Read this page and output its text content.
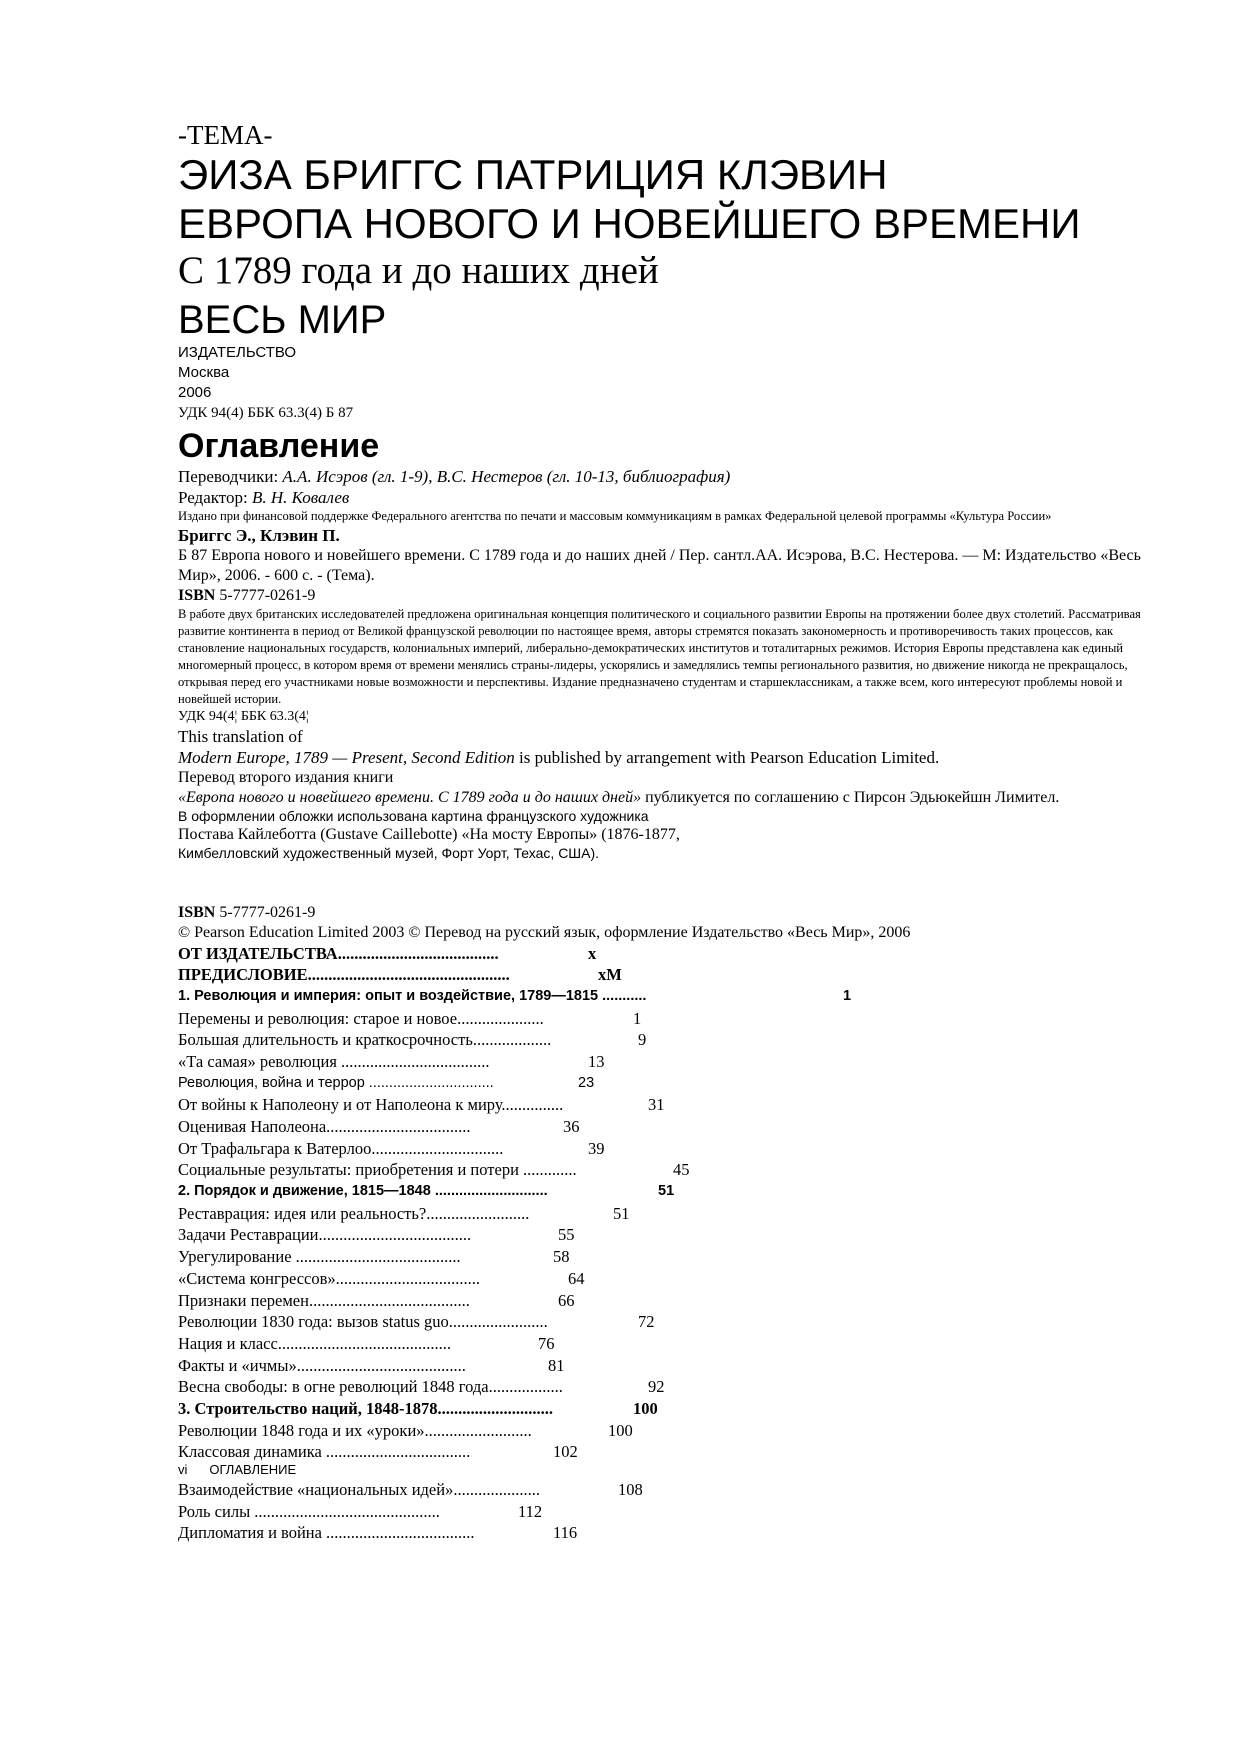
-ТЕМА-
ЭИЗА БРИГГС ПАТРИЦИЯ КЛЭВИН
ЕВРОПА НОВОГО И НОВЕЙШЕГО ВРЕМЕНИ
С 1789 года и до наших дней
ВЕСЬ МИР
ИЗДАТЕЛЬСТВО
Москва
2006
УДК 94(4) ББК 63.3(4) Б 87
Оглавление
Переводчики: А.А. Исэров (гл. 1-9), B.C. Нестеров (гл. 10-13, библиография)
Редактор: В. Н. Ковалев
Издано при финансовой поддержке Федерального агентства по печати и массовым коммуникациям в рамках Федеральной целевой программы «Культура России»
Бриггс Э., Клэвин П.
Б 87 Европа нового и новейшего времени. С 1789 года и до наших дней / Пер. сантл.АА. Исэрова, B.C. Нестерова. — М: Издательство «Весь Мир», 2006. - 600 с. - (Тема).
ISBN 5-7777-0261-9
В работе двух британских исследователей предложена оригинальная концепция политического и социального развитии Европы на протяжении более двух столетий. Рассматривая развитие континента в период от Великой французской революции по настоящее время, авторы стремятся показать закономерность и противоречивость таких процессов, как становление национальных государств, колониальных империй, либерально-демократических институтов и тоталитарных режимов. История Европы представлена как единый многомерный процесс, в котором время от времени менялись страны-лидеры, ускорялись и замедлялись темпы регионального развития, но движение никогда не прекращалось, открывая перед его участниками новые возможности и перспективы. Издание предназначено студентам и старшеклассникам, а также всем, кого интересуют проблемы новой и новейшей истории.
УДК 94(4¦ ББК 63.3(4¦
This translation of
Modern Europe, 1789 — Present, Second Edition is published by arrangement with Pearson Education Limited.
Перевод второго издания книги
«Европа нового и новейшего времени. С 1789 года и до наших дней» публикуется по соглашению с Пирсон Эдьюкейшн Лимител.
В оформлении обложки использована картина французского художника
Постава Кайлеботта (Gustave Caillebotte) «На мосту Европы» (1876-1877,
Кимбелловский художественный музей, Форт Уорт, Техас, США).
ISBN 5-7777-0261-9
© Pearson Education Limited 2003 © Перевод на русский язык, оформление Издательство «Весь Мир», 2006
ОТ ИЗДАТЕЛЬСТВА.......................................	x
ПРЕДИСЛОВИЕ.................................................	xM
1. Революция и империя: опыт и воздействие, 1789—1815 ...........	1
Перемены и революция: старое и новое.....................	1
Большая длительность и краткосрочность...................	9
«Та самая» революция ....................................	13
Революция, война и террор ...............................	23
От войны к Наполеону и от Наполеона к миру...............	31
Оценивая Наполеона...................................	36
От Трафальгара к Ватерлоо................................	39
Социальные результаты: приобретения и потери .............	45
2. Порядок и движение, 1815—1848 ............................	51
Реставрация: идея или реальность?.........................	51
Задачи Реставрации.....................................	55
Урегулирование ........................................	58
«Система конгрессов»...................................	64
Признаки перемен.......................................	66
Революции 1830 года: вызов status guo........................	72
Нация и класс..........................................	76
Факты и «ичмы».........................................	81
Весна свободы: в огне революций 1848 года..................	92
3. Строительство наций, 1848-1878............................	100
Революции 1848 года и их «уроки»..........................	100
Классовая динамика ...................................	102
vi ОГЛАВЛЕНИЕ
Взаимодействие «национальных идей».....................	108
Роль силы .............................................	112
Дипломатия и война ....................................	116
